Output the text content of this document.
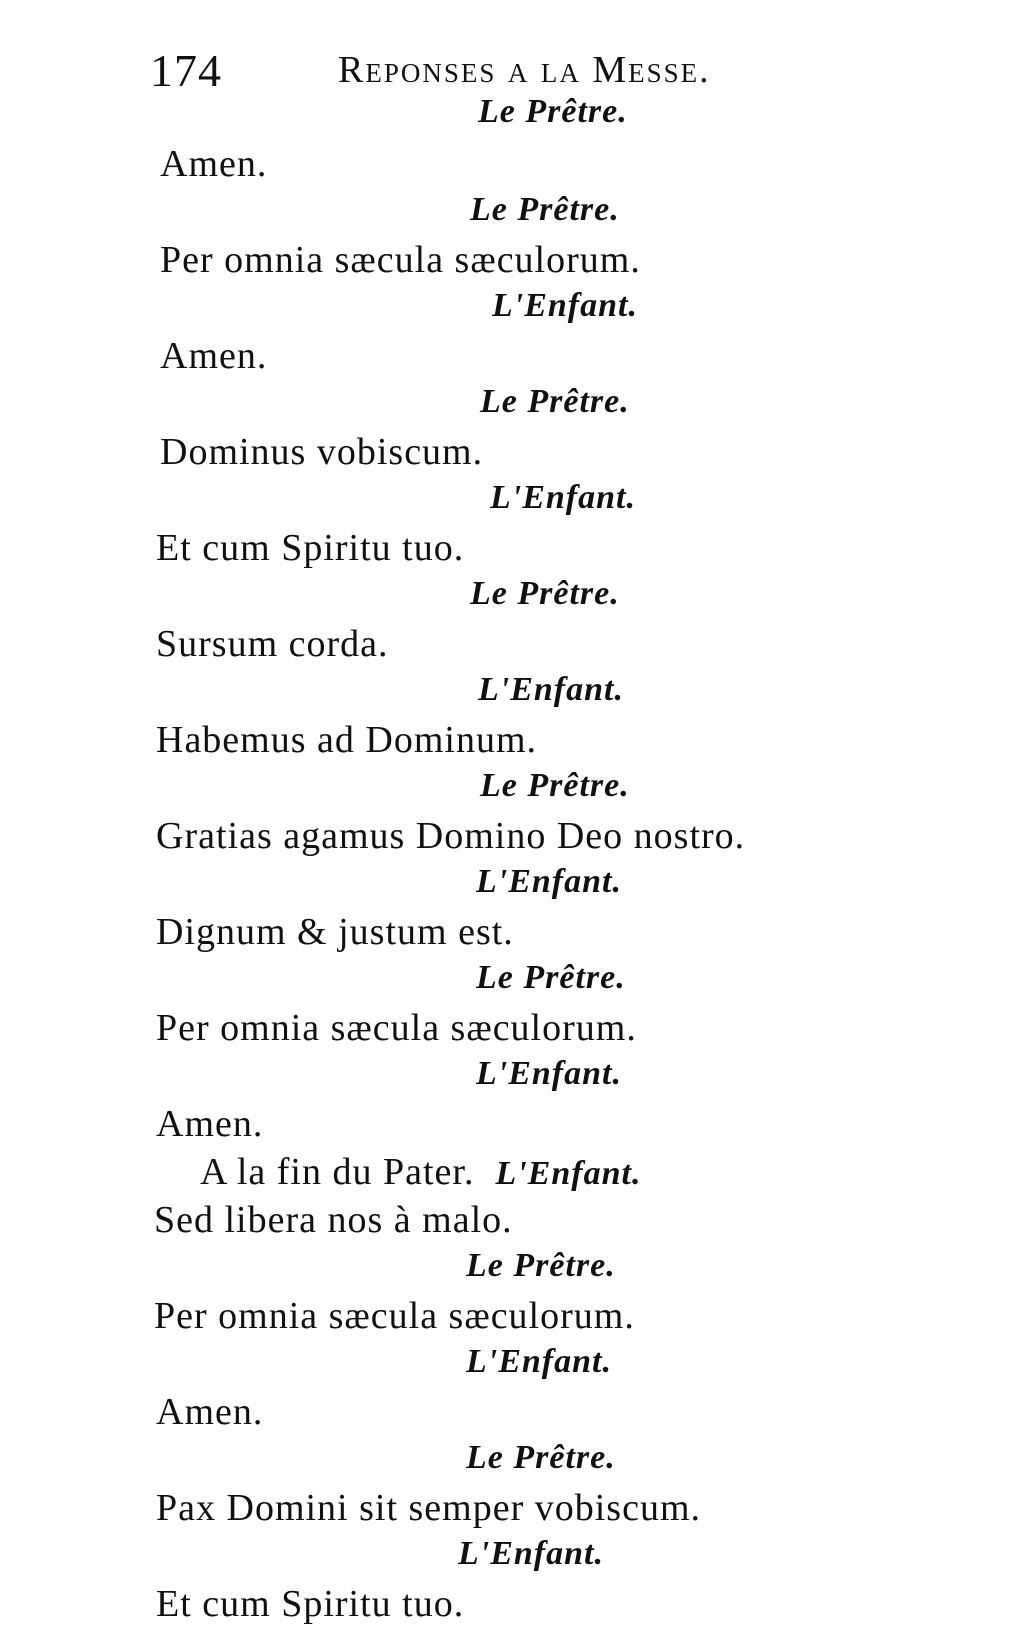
174	Reponses a la Messe.
Le Prêtre.
Amen.
Le Prêtre.
Per omnia sæcula sæculorum.
L'Enfant.
Amen.
Le Prêtre.
Dominus vobiscum.
L'Enfant.
Et cum Spiritu tuo.
Le Prêtre.
Sursum corda.
L'Enfant.
Habemus ad Dominum.
Le Prêtre.
Gratias agamus Domino Deo nostro.
L'Enfant.
Dignum & justum est.
Le Prêtre.
Per omnia sæcula sæculorum.
L'Enfant.
Amen.
A la fin du Pater. L'Enfant.
Sed libera nos à malo.
Le Prêtre.
Per omnia sæcula sæculorum.
L'Enfant.
Amen.
Le Prêtre.
Pax Domini sit semper vobiscum.
L'Enfant.
Et cum Spiritu tuo.
